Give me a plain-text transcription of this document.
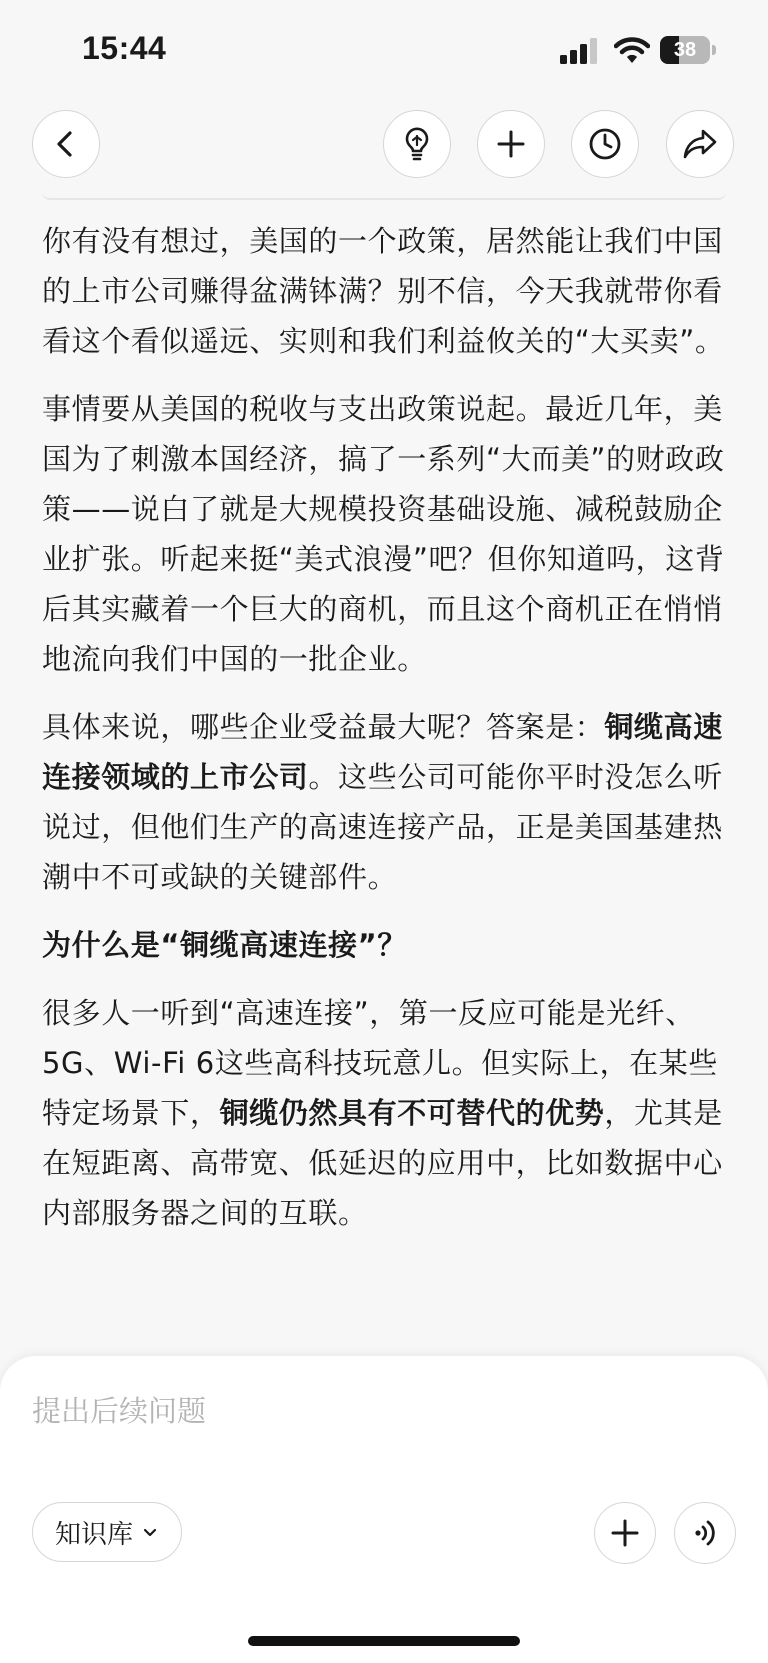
15:44	38

你有没有想过，美国的一个政策，居然能让我们中国的上市公司赚得盆满钵满？别不信，今天我就带你看看这个看似遥远、实则和我们利益攸关的“大买卖”。

事情要从美国的税收与支出政策说起。最近几年，美国为了刺激本国经济，搞了一系列“大而美”的财政政策——说白了就是大规模投资基础设施、减税鼓励企业扩张。听起来挺“美式浪漫”吧？但你知道吗，这背后其实藏着一个巨大的商机，而且这个商机正在悄悄地流向我们中国的一批企业。

具体来说，哪些企业受益最大呢？答案是：铜缆高速连接领域的上市公司。这些公司可能你平时没怎么听说过，但他们生产的高速连接产品，正是美国基建热潮中不可或缺的关键部件。

为什么是“铜缆高速连接”？

很多人一听到“高速连接”，第一反应可能是光纤、5G、Wi-Fi 6这些高科技玩意儿。但实际上，在某些特定场景下，铜缆仍然具有不可替代的优势，尤其是在短距离、高带宽、低延迟的应用中，比如数据中心内部服务器之间的互联。

提出后续问题
知识库
